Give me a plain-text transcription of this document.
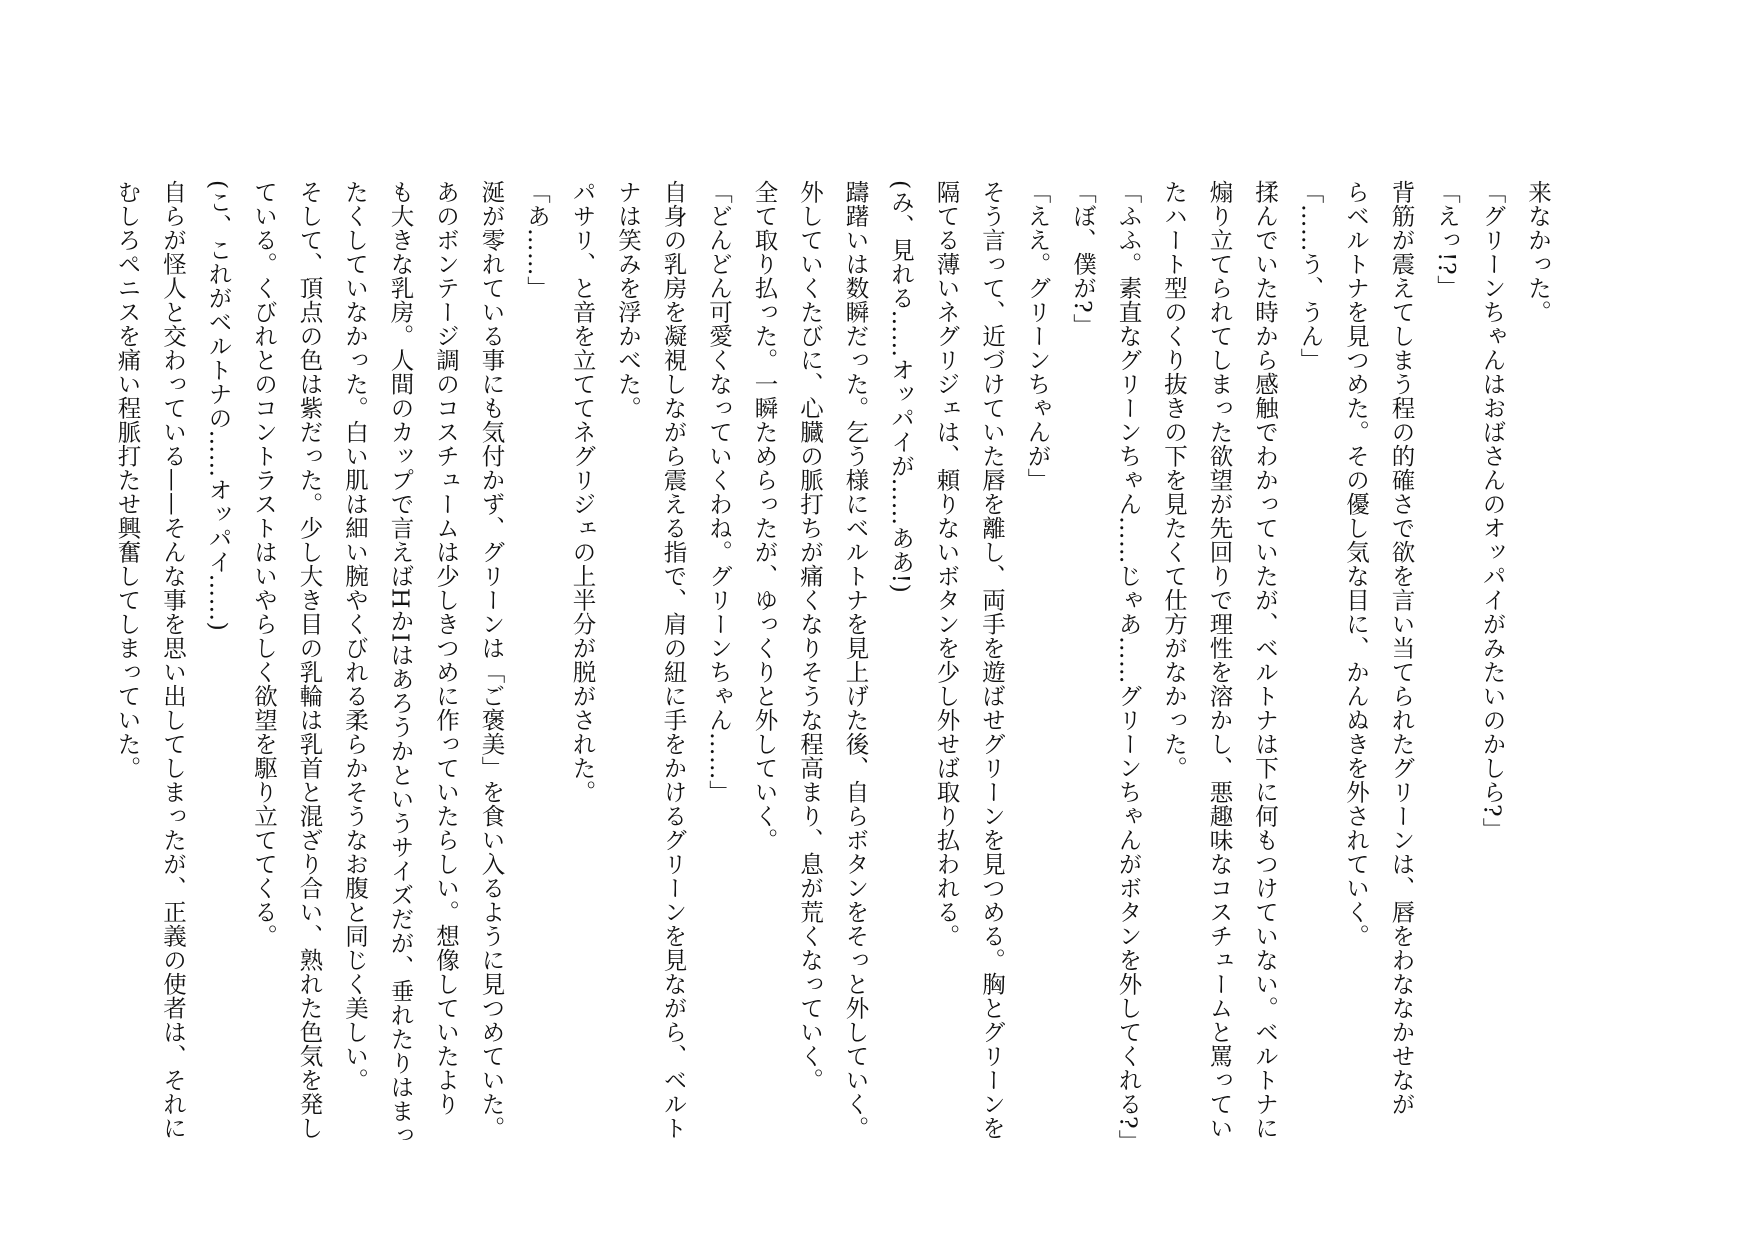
来なかった。

「グリーンちゃんはおばさんのオッパイがみたいのかしら?」

「えっ!?」

背筋が震えてしまう程の的確さで欲を言い当てられたグリーンは、唇をわななかせなが

らベルトナを見つめた。その優し気な目に、かんぬきを外されていく。

「……う、うん」

揉んでいた時から感触でわかっていたが、ベルトナは下に何もつけていない。ベルトナに

煽り立てられてしまった欲望が先回りで理性を溶かし、悪趣味なコスチュームと罵ってい

たハート型のくり抜きの下を見たくて仕方がなかった。

「ふふ。素直なグリーンちゃん……じゃあ……グリーンちゃんがボタンを外してくれる?」

「ぼ、僕が?」

「ええ。グリーンちゃんが」

そう言って、近づけていた唇を離し、両手を遊ばせグリーンを見つめる。胸とグリーンを

隔てる薄いネグリジェは、頼りないボタンを少し外せば取り払われる。

(み、見れる……オッパイが……ああ!)

躊躇いは数瞬だった。乞う様にベルトナを見上げた後、自らボタンをそっと外していく。

外していくたびに、心臓の脈打ちが痛くなりそうな程高まり、息が荒くなっていく。

全て取り払った。一瞬ためらったが、ゆっくりと外していく。

「どんどん可愛くなっていくわね。グリーンちゃん……」

自身の乳房を凝視しながら震える指で、肩の紐に手をかけるグリーンを見ながら、ベルト

ナは笑みを浮かべた。

パサリ、と音を立ててネグリジェの上半分が脱がされた。

「あ……」

涎が零れている事にも気付かず、グリーンは「ご褒美」を食い入るように見つめていた。

あのボンテージ調のコスチュームは少しきつめに作っていたらしい。想像していたより

も大きな乳房。人間のカップで言えばHかIはあろうかというサイズだが、垂れたりはまっ

たくしていなかった。白い肌は細い腕やくびれる柔らかそうなお腹と同じく美しい。

そして、頂点の色は紫だった。少し大き目の乳輪は乳首と混ざり合い、熟れた色気を発し

ている。くびれとのコントラストはいやらしく欲望を駆り立ててくる。

(こ、これがベルトナの……オッパイ……)

自らが怪人と交わっている——そんな事を思い出してしまったが、正義の使者は、それに

むしろペニスを痛い程脈打たせ興奮してしまっていた。
